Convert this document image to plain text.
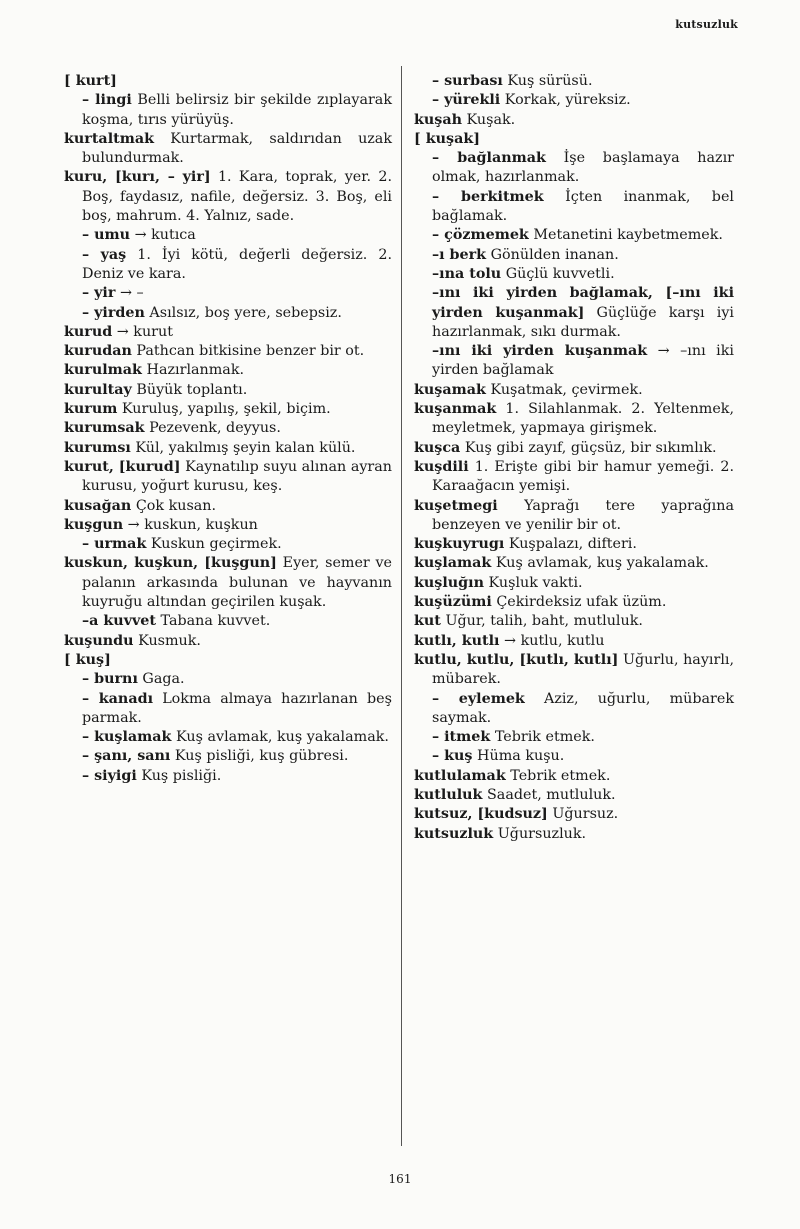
kutsuzluk

[ kurt]

– lingi Belli belirsiz bir şekilde zıplayarak koşma, tırıs yürüyüş.

kurtaltmak Kurtarmak, saldırıdan uzak bulundurmak.

kuru, [kurı, – yir] 1. Kara, toprak, yer. 2. Boş, faydasız, nafile, değersiz. 3. Boş, eli boş, mahrum. 4. Yalnız, sade.

– umu → kutıca

– yaş 1. İyi kötü, değerli değersiz. 2. Deniz ve kara.

– yir → –

– yirden Asılsız, boş yere, sebepsiz.

kurud → kurut

kurudan Pathcan bitkisine benzer bir ot.

kurulmak Hazırlanmak.

kurultay Büyük toplantı.

kurum Kuruluş, yapılış, şekil, biçim.

kurumsak Pezevenk, deyyus.

kurumsı Kül, yakılmış şeyin kalan külü.

kurut, [kurud] Kaynatılıp suyu alınan ayran kurusu, yoğurt kurusu, keş.

kusağan Çok kusan.

kuşgun → kuskun, kuşkun

– urmak Kuskun geçirmek.

kuskun, kuşkun, [kuşgun] Eyer, semer ve palanın arkasında bulunan ve hayvanın kuyruğu altından geçirilen kuşak.

–a kuvvet Tabana kuvvet.

kuşundu Kusmuk.

[ kuş]

– burnı Gaga.

– kanadı Lokma almaya hazırlanan beş parmak.

– kuşlamak Kuş avlamak, kuş yakalamak.

– şanı, sanı Kuş pisliği, kuş gübresi.

– siyigi Kuş pisliği.

– surbası Kuş sürüsü.

– yürekli Korkak, yüreksiz.

kuşah Kuşak.

[ kuşak]

– bağlanmak İşe başlamaya hazır olmak, hazırlanmak.

– berkitmek İçten inanmak, bel bağlamak.

– çözmemek Metanetini kaybetmemek.

–ı berk Gönülden inanan.

–ına tolu Güçlü kuvvetli.

–ını iki yirden bağlamak, [–ını iki yirden kuşanmak] Güçlüğe karşı iyi hazırlanmak, sıkı durmak.

–ını iki yirden kuşanmak → –ını iki yirden bağlamak

kuşamak Kuşatmak, çevirmek.

kuşanmak 1. Silahlanmak. 2. Yeltenmek, meyletmek, yapmaya girişmek.

kuşca Kuş gibi zayıf, güçsüz, bir sıkımlık.

kuşdili 1. Erişte gibi bir hamur yemeği. 2. Karaağacın yemişi.

kuşetmegi Yaprağı tere yaprağına benzeyen ve yenilir bir ot.

kuşkuyrugı Kuşpalazı, difteri.

kuşlamak Kuş avlamak, kuş yakalamak.

kuşluğın Kuşluk vakti.

kuşüzümi Çekirdeksiz ufak üzüm.

kut Uğur, talih, baht, mutluluk.

kutlı, kutlı → kutlu, kutlu

kutlu, kutlu, [kutlı, kutlı] Uğurlu, hayırlı, mübarek.

– eylemek Aziz, uğurlu, mübarek saymak.

– itmek Tebrik etmek.

– kuş Hüma kuşu.

kutlulamak Tebrik etmek.

kutluluk Saadet, mutluluk.

kutsuz, [kudsuz] Uğursuz.

kutsuzluk Uğursuzluk.

161
